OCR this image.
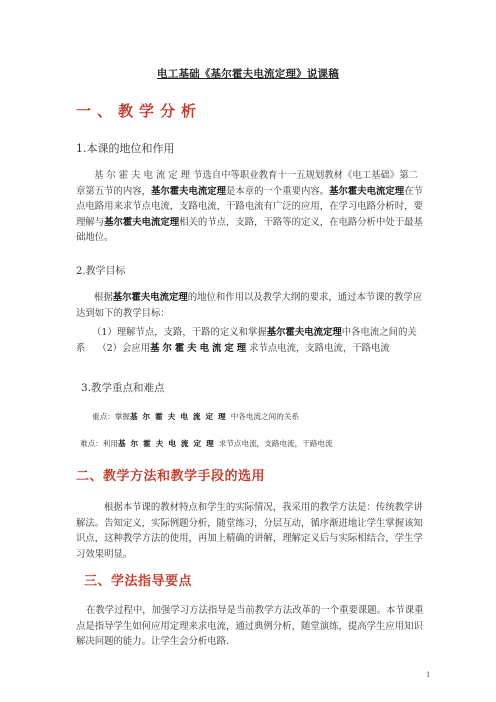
电工基础《基尔霍夫电流定理》说课稿
一、教学分析
1.本课的地位和作用
基尔霍夫电流定理节选自中等职业教育十一五规划教材《电工基础》第二章第五节的内容，基尔霍夫电流定理是本章的一个重要内容。基尔霍夫电流定理在节点电路用来求节点电流，支路电流，干路电流有广泛的应用，在学习电路分析时，要理解与基尔霍夫电流定理相关的节点，支路，干路等的定义，在电路分析中处于最基础地位。
2.教学目标
根据基尔霍夫电流定理的地位和作用以及教学大纲的要求，通过本节课的教学应达到如下的教学目标：
（1）理解节点，支路，干路的定义和掌握基尔霍夫电流定理中各电流之间的关系 （2）会应用基尔霍夫电流定理求节点电流，支路电流，干路电流
3.教学重点和难点
重点：掌握基尔霍夫电流定理中各电流之间的关系
难点：利用基尔霍夫电流定理求节点电流，支路电流，干路电流
二、教学方法和教学手段的选用
根据本节课的教材特点和学生的实际情况，我采用的教学方法是：传统教学讲解法。告知定义，实际例题分析，随堂练习，分层互动，循序渐进地让学生掌握该知识点，这种教学方法的使用，再加上精确的讲解，理解定义后与实际相结合，学生学习效果明显。
三、学法指导要点
在教学过程中，加强学习方法指导是当前教学方法改革的一个重要课题。本节课重点是指导学生如何应用定理来求电流，通过典例分析，随堂演练，提高学生应用知识解决问题的能力。让学生会分析电路.
1
